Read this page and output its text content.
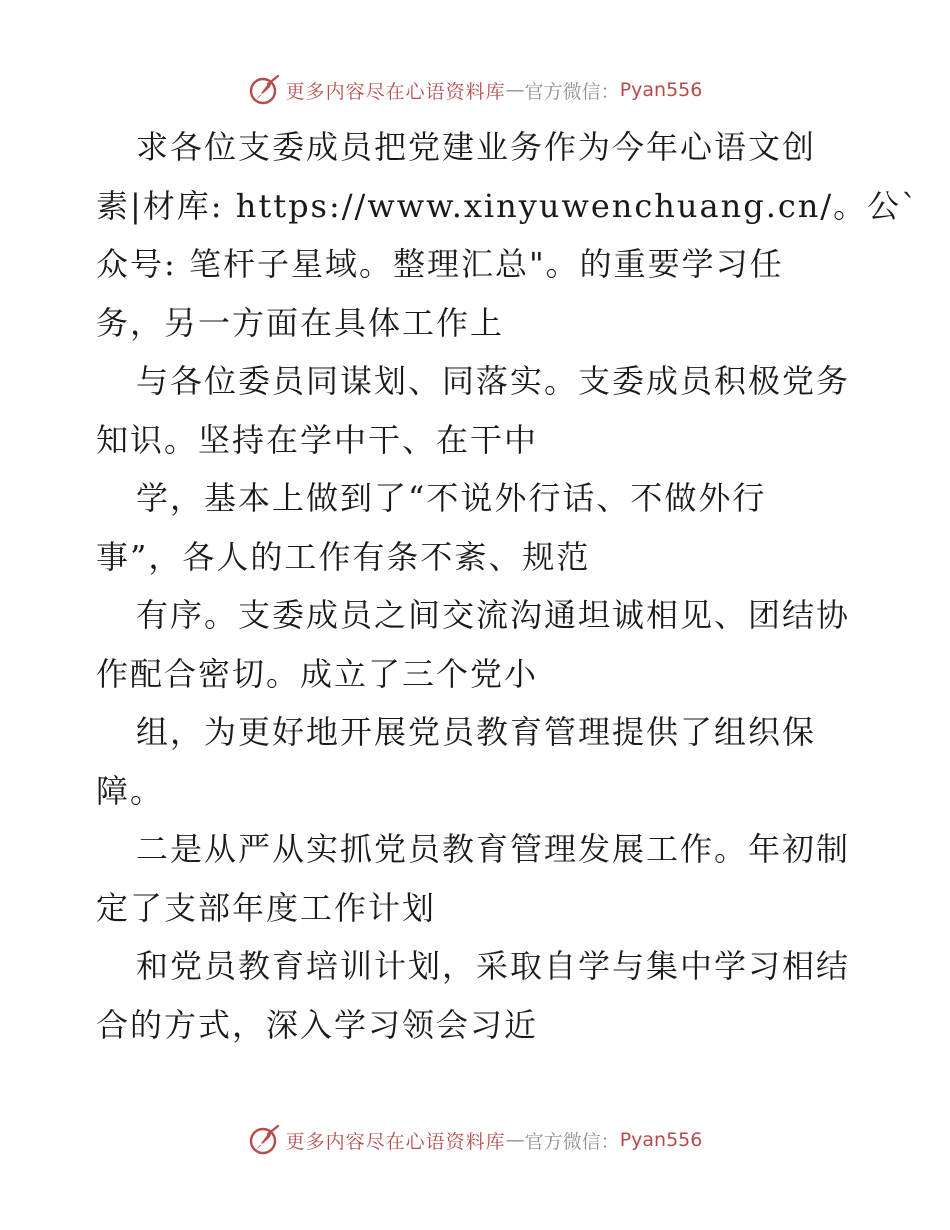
更多内容尽在心语资料库 — 官方微信： Pyan556
求各位支委成员把党建业务作为今年心语文创
素|材库: https://www.xinyuwenchuang.cn/。公`
众号: 笔杆子星域。整理汇总"。的重要学习任
务，另一方面在具体工作上
与各位委员同谋划、同落实。支委成员积极党务
知识。坚持在学中干、在干中
学，基本上做到了“不说外行话、不做外行
事”，各人的工作有条不紊、规范
有序。支委成员之间交流沟通坦诚相见、团结协
作配合密切。成立了三个党小
组，为更好地开展党员教育管理提供了组织保
障。
二是从严从实抓党员教育管理发展工作。年初制
定了支部年度工作计划
和党员教育培训计划，采取自学与集中学习相结
合的方式，深入学习领会习近
更多内容尽在心语资料库 — 官方微信： Pyan556
